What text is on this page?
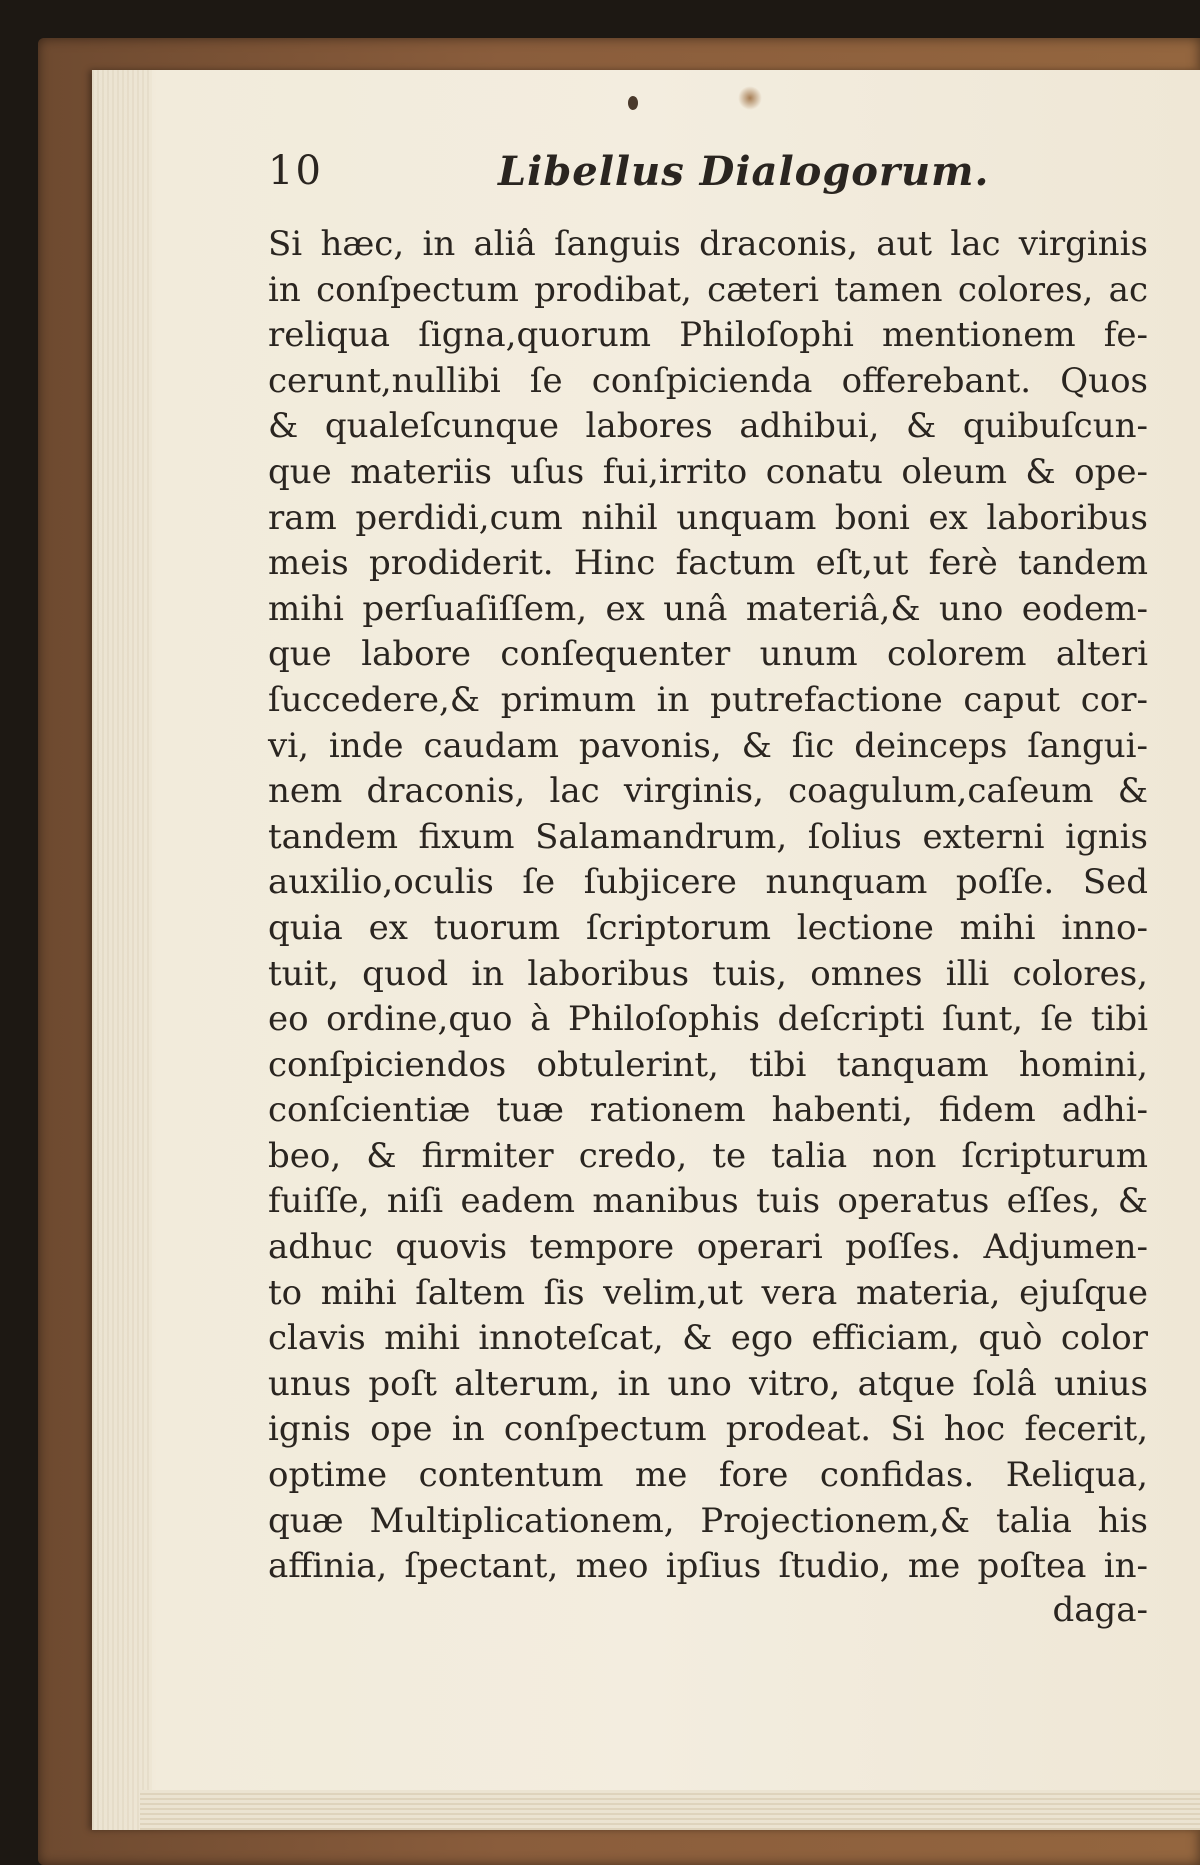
10	Libellus Dialogorum.
Si hæc, in aliâ ſanguis draconis, aut lac virginis
in conſpectum prodibat, cæteri tamen colores, ac
reliqua ſigna,quorum Philoſophi mentionem fe-
cerunt,nullibi ſe conſpicienda offerebant. Quos
& qualeſcunque labores adhibui, & quibuſcun-
que materiis uſus fui,irrito conatu oleum & ope-
ram perdidi,cum nihil unquam boni ex laboribus
meis prodiderit. Hinc factum eſt,ut ferè tandem
mihi perſuaſiſſem, ex unâ materiâ,& uno eodem-
que labore conſequenter unum colorem alteri
ſuccedere,& primum in putrefactione caput cor-
vi, inde caudam pavonis, & ſic deinceps ſangui-
nem draconis, lac virginis, coagulum,caſeum &
tandem fixum Salamandrum, ſolius externi ignis
auxilio,oculis ſe ſubjicere nunquam poſſe. Sed
quia ex tuorum ſcriptorum lectione mihi inno-
tuit, quod in laboribus tuis, omnes illi colores,
eo ordine,quo à Philoſophis deſcripti ſunt, ſe tibi
conſpiciendos obtulerint, tibi tanquam homini,
conſcientiæ tuæ rationem habenti, fidem adhi-
beo, & firmiter credo, te talia non ſcripturum
fuiſſe, niſi eadem manibus tuis operatus eſſes, &
adhuc quovis tempore operari poſſes. Adjumen-
to mihi ſaltem ſis velim,ut vera materia, ejuſque
clavis mihi innoteſcat, & ego efficiam, quò color
unus poſt alterum, in uno vitro, atque ſolâ unius
ignis ope in conſpectum prodeat. Si hoc fecerit,
optime contentum me fore confidas. Reliqua,
quæ Multiplicationem, Projectionem,& talia his
affinia, ſpectant, meo ipſius ſtudio, me poſtea in-
daga-
